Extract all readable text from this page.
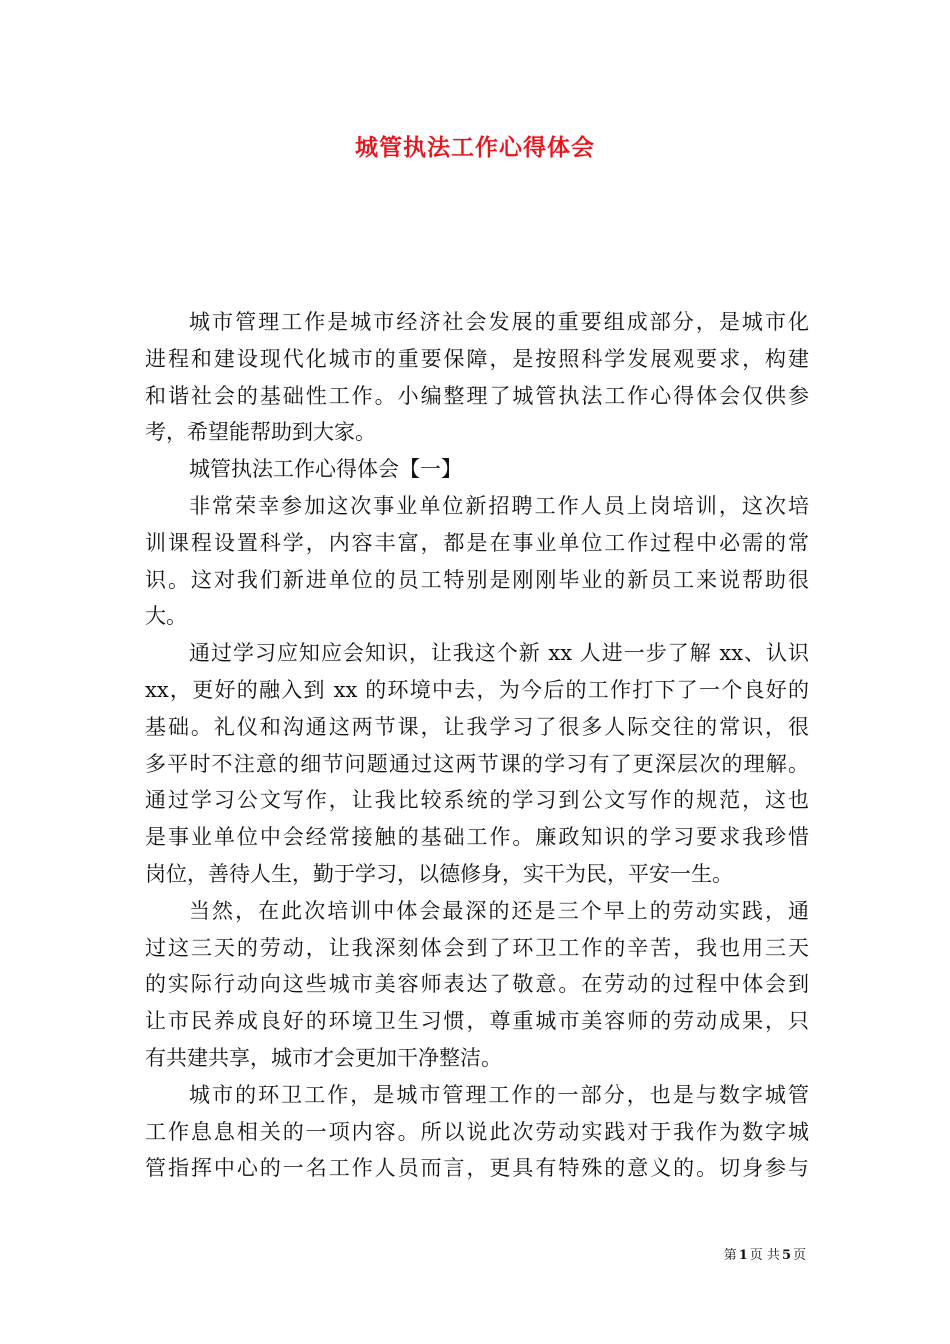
城管执法工作心得体会
城市管理工作是城市经济社会发展的重要组成部分，是城市化
进程和建设现代化城市的重要保障，是按照科学发展观要求，构建
和谐社会的基础性工作。小编整理了城管执法工作心得体会仅供参
考，希望能帮助到大家。
城管执法工作心得体会【一】
非常荣幸参加这次事业单位新招聘工作人员上岗培训，这次培
训课程设置科学，内容丰富，都是在事业单位工作过程中必需的常
识。这对我们新进单位的员工特别是刚刚毕业的新员工来说帮助很
大。
通过学习应知应会知识，让我这个新 xx 人进一步了解 xx、认识
xx，更好的融入到 xx 的环境中去，为今后的工作打下了一个良好的
基础。礼仪和沟通这两节课，让我学习了很多人际交往的常识，很
多平时不注意的细节问题通过这两节课的学习有了更深层次的理解。
通过学习公文写作，让我比较系统的学习到公文写作的规范，这也
是事业单位中会经常接触的基础工作。廉政知识的学习要求我珍惜
岗位，善待人生，勤于学习，以德修身，实干为民，平安一生。
当然，在此次培训中体会最深的还是三个早上的劳动实践，通
过这三天的劳动，让我深刻体会到了环卫工作的辛苦，我也用三天
的实际行动向这些城市美容师表达了敬意。在劳动的过程中体会到
让市民养成良好的环境卫生习惯，尊重城市美容师的劳动成果，只
有共建共享，城市才会更加干净整洁。
城市的环卫工作，是城市管理工作的一部分，也是与数字城管
工作息息相关的一项内容。所以说此次劳动实践对于我作为数字城
管指挥中心的一名工作人员而言，更具有特殊的意义的。切身参与
第 1 页 共 5 页
